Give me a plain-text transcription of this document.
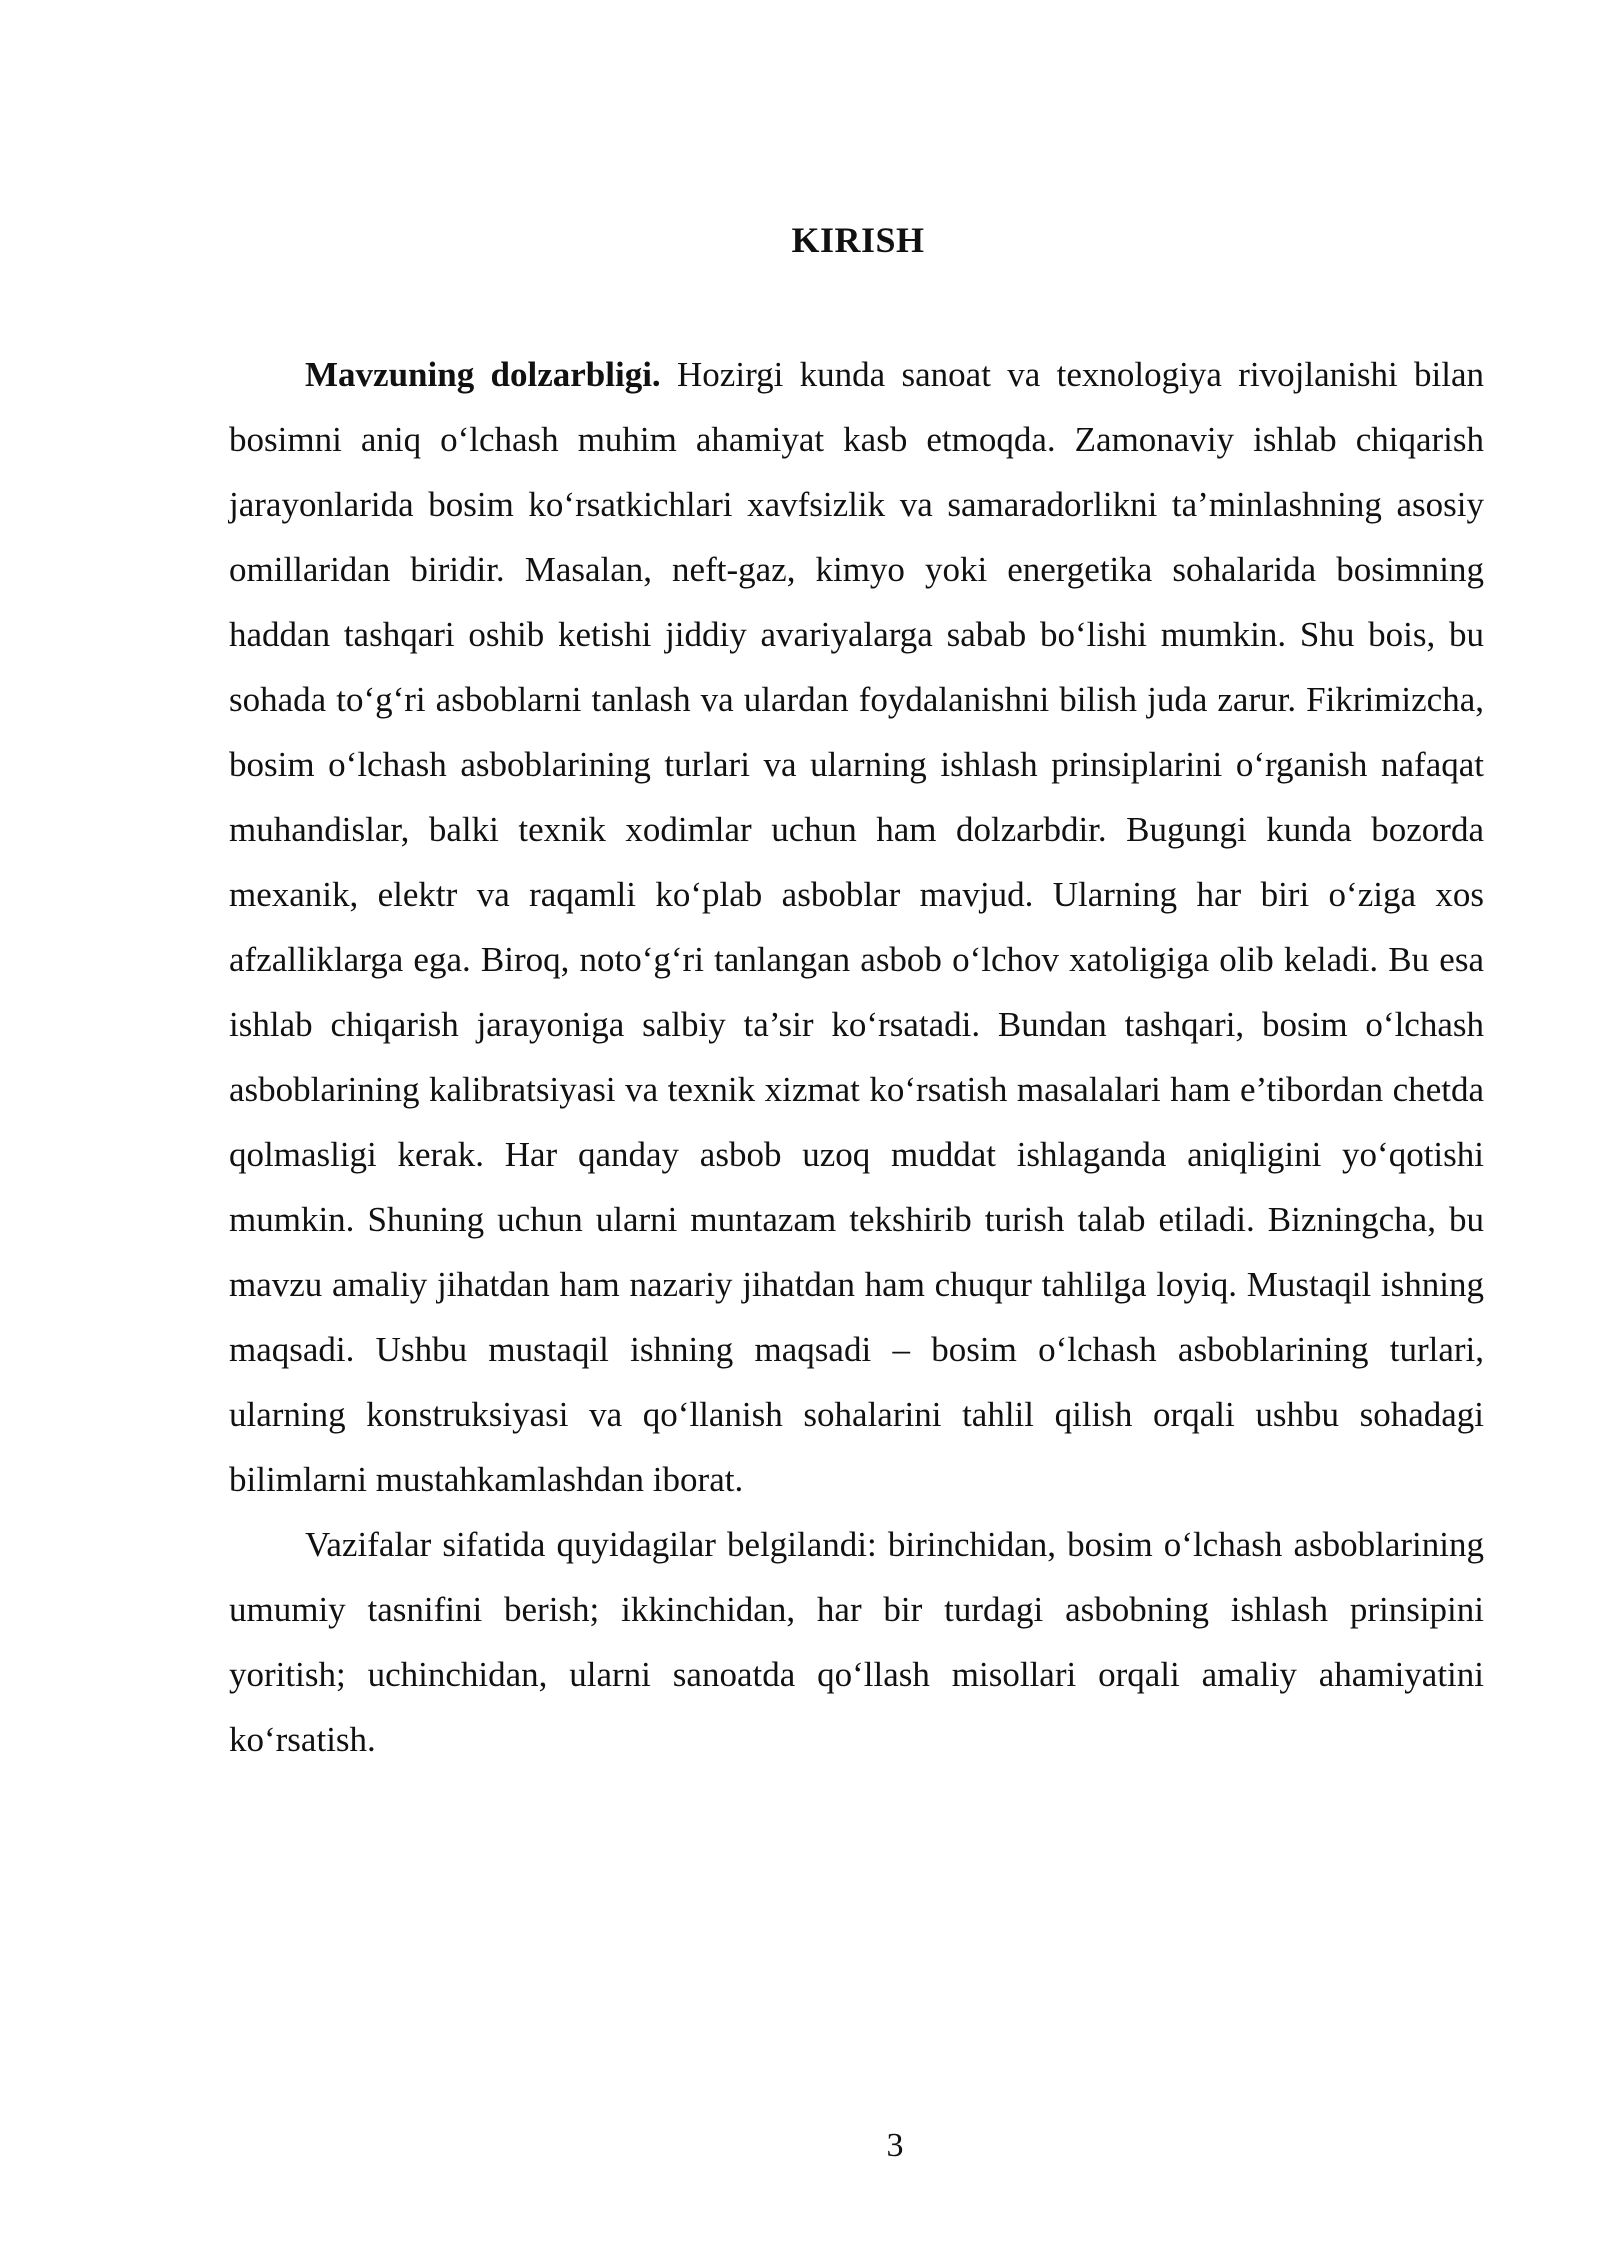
KIRISH

Mavzuning dolzarbligi. Hozirgi kunda sanoat va texnologiya rivojlanishi bilan bosimni aniq o‘lchash muhim ahamiyat kasb etmoqda. Zamonaviy ishlab chiqarish jarayonlarida bosim ko‘rsatkichlari xavfsizlik va samaradorlikni ta’minlashning asosiy omillaridan biridir. Masalan, neft-gaz, kimyo yoki energetika sohalarida bosimning haddan tashqari oshib ketishi jiddiy avariyalarga sabab bo‘lishi mumkin. Shu bois, bu sohada to‘g‘ri asboblarni tanlash va ulardan foydalanishni bilish juda zarur. Fikrimizcha, bosim o‘lchash asboblarining turlari va ularning ishlash prinsiplarini o‘rganish nafaqat muhandislar, balki texnik xodimlar uchun ham dolzarbdir. Bugungi kunda bozorda mexanik, elektr va raqamli ko‘plab asboblar mavjud. Ularning har biri o‘ziga xos afzalliklarga ega. Biroq, noto‘g‘ri tanlangan asbob o‘lchov xatoligiga olib keladi. Bu esa ishlab chiqarish jarayoniga salbiy ta’sir ko‘rsatadi. Bundan tashqari, bosim o‘lchash asboblarining kalibratsiyasi va texnik xizmat ko‘rsatish masalalari ham e’tibordan chetda qolmasligi kerak. Har qanday asbob uzoq muddat ishlaganda aniqligini yo‘qotishi mumkin. Shuning uchun ularni muntazam tekshirib turish talab etiladi. Bizningcha, bu mavzu amaliy jihatdan ham nazariy jihatdan ham chuqur tahlilga loyiq. Mustaqil ishning maqsadi. Ushbu mustaqil ishning maqsadi – bosim o‘lchash asboblarining turlari, ularning konstruksiyasi va qo‘llanish sohalarini tahlil qilish orqali ushbu sohadagi bilimlarni mustahkamlashdan iborat.

Vazifalar sifatida quyidagilar belgilandi: birinchidan, bosim o‘lchash asboblarining umumiy tasnifini berish; ikkinchidan, har bir turdagi asbobning ishlash prinsipini yoritish; uchinchidan, ularni sanoatda qo‘llash misollari orqali amaliy ahamiyatini ko‘rsatish.

3
